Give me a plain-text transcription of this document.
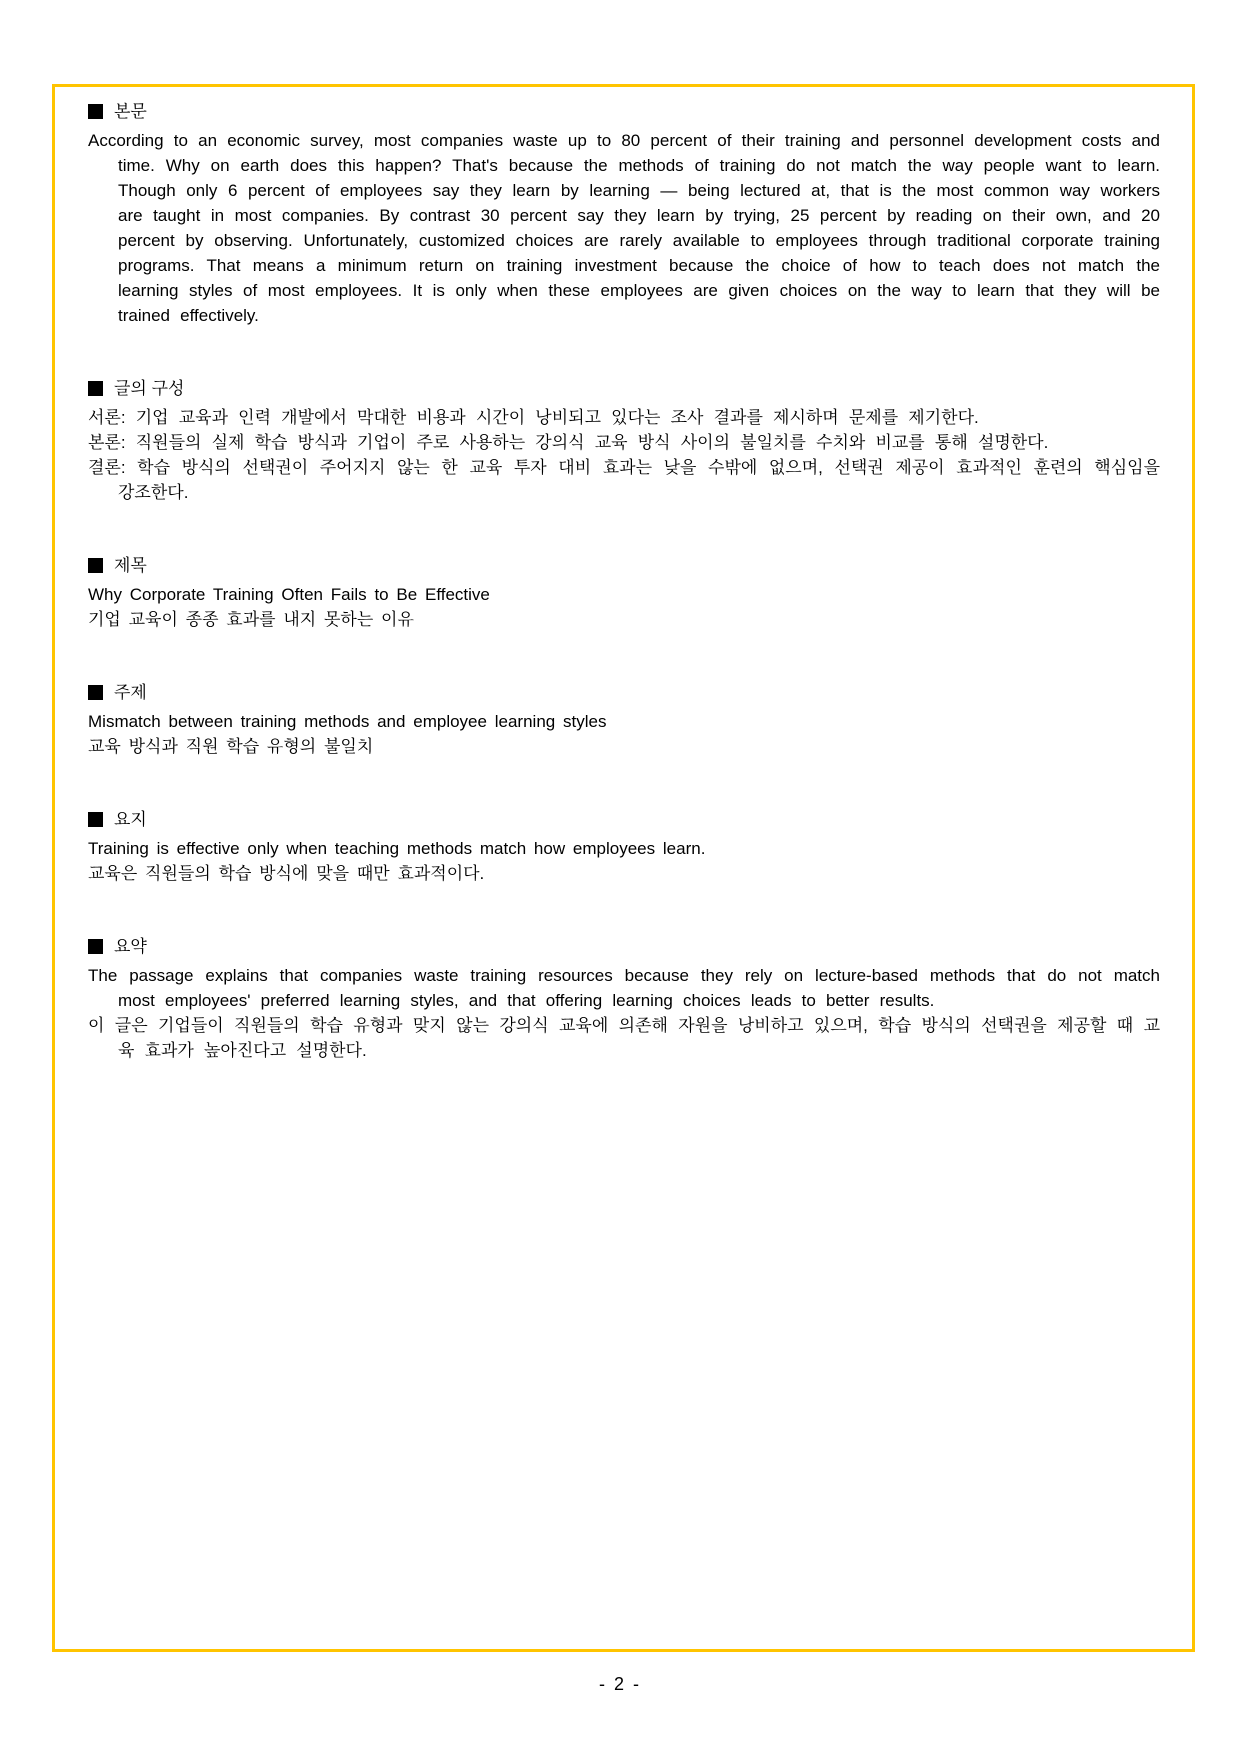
본문

According to an economic survey, most companies waste up to 80 percent of their training and personnel development costs and time. Why on earth does this happen? That's because the methods of training do not match the way people want to learn. Though only 6 percent of employees say they learn by learning — being lectured at, that is the most common way workers are taught in most companies. By contrast 30 percent say they learn by trying, 25 percent by reading on their own, and 20 percent by observing. Unfortunately, customized choices are rarely available to employees through traditional corporate training programs. That means a minimum return on training investment because the choice of how to teach does not match the learning styles of most employees. It is only when these employees are given choices on the way to learn that they will be trained effectively.

글의 구성

서론: 기업 교육과 인력 개발에서 막대한 비용과 시간이 낭비되고 있다는 조사 결과를 제시하며 문제를 제기한다.

본론: 직원들의 실제 학습 방식과 기업이 주로 사용하는 강의식 교육 방식 사이의 불일치를 수치와 비교를 통해 설명한다.

결론: 학습 방식의 선택권이 주어지지 않는 한 교육 투자 대비 효과는 낮을 수밖에 없으며, 선택권 제공이 효과적인 훈련의 핵심임을 강조한다.

제목

Why Corporate Training Often Fails to Be Effective

기업 교육이 종종 효과를 내지 못하는 이유

주제

Mismatch between training methods and employee learning styles

교육 방식과 직원 학습 유형의 불일치

요지

Training is effective only when teaching methods match how employees learn.

교육은 직원들의 학습 방식에 맞을 때만 효과적이다.

요약

The passage explains that companies waste training resources because they rely on lecture-based methods that do not match most employees' preferred learning styles, and that offering learning choices leads to better results.

이 글은 기업들이 직원들의 학습 유형과 맞지 않는 강의식 교육에 의존해 자원을 낭비하고 있으며, 학습 방식의 선택권을 제공할 때 교육 효과가 높아진다고 설명한다.

- 2 -
